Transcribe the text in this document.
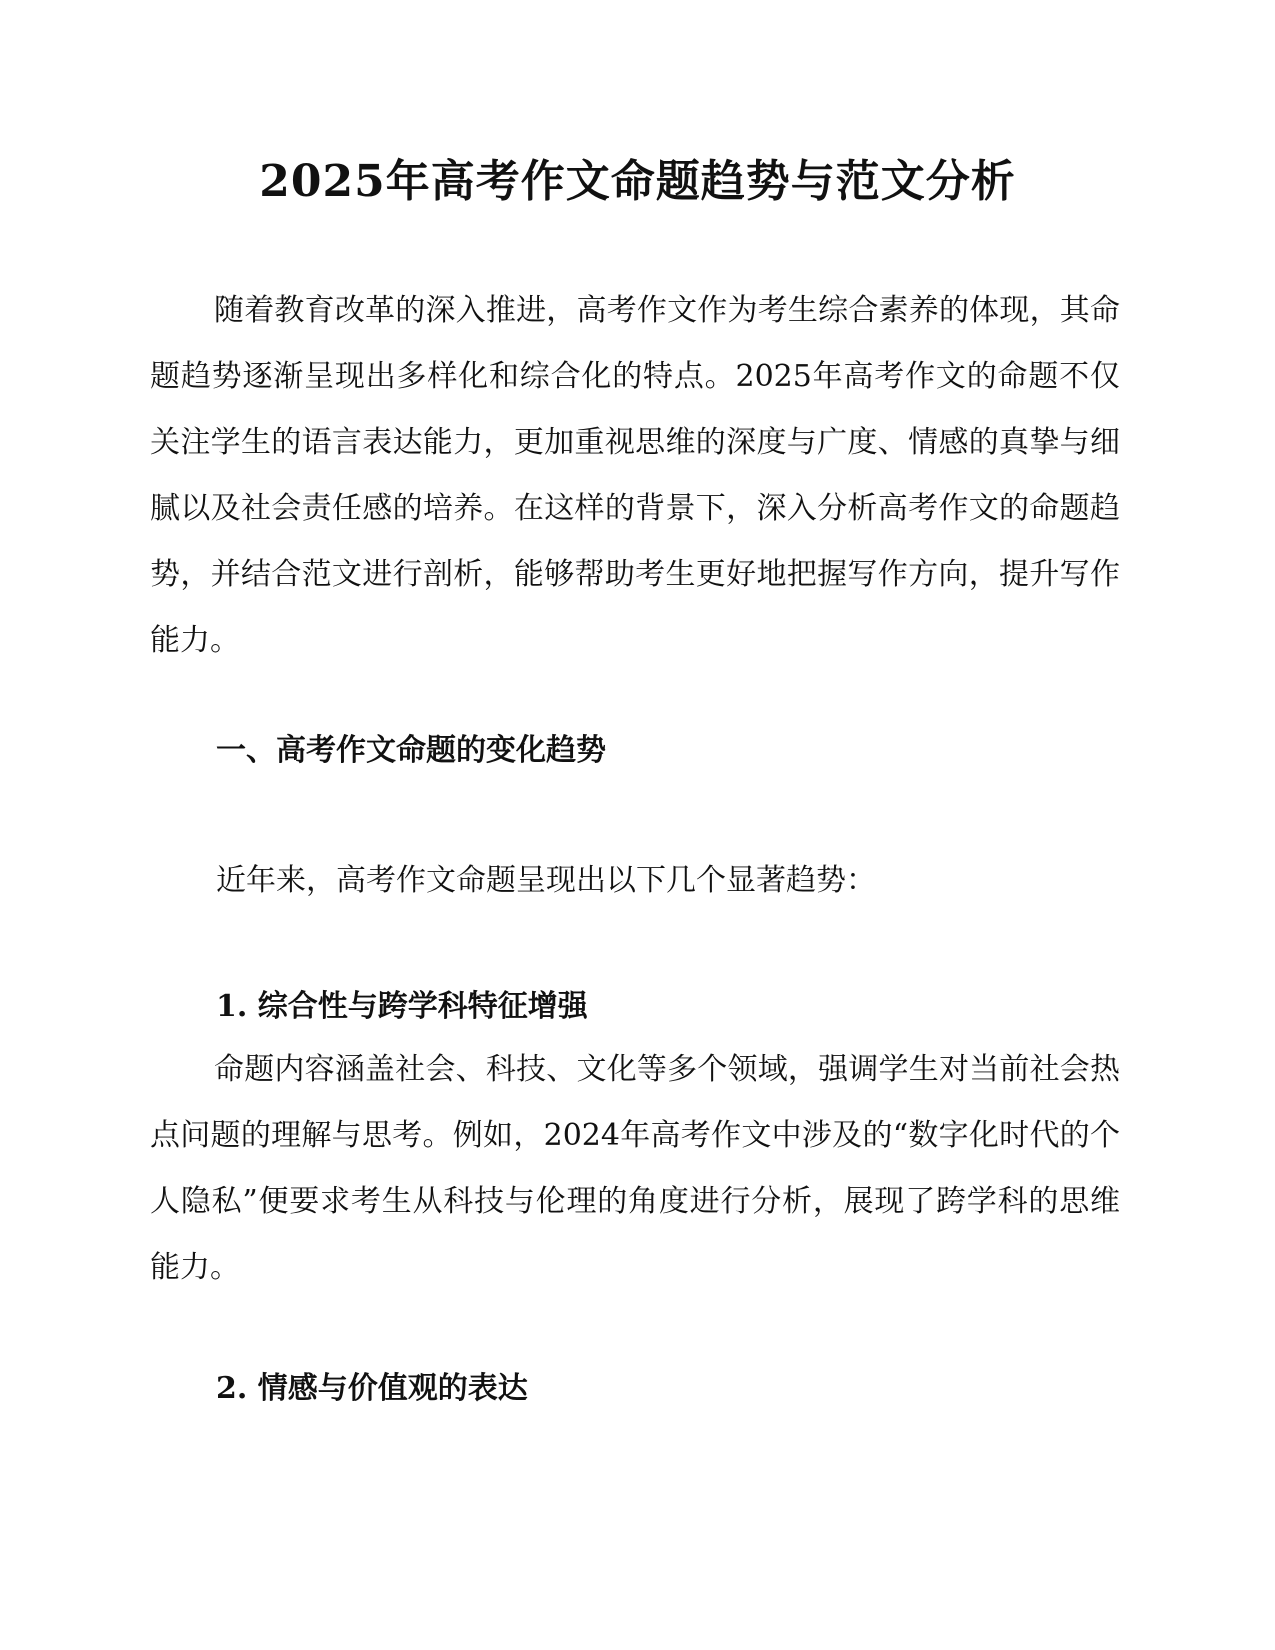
2025年高考作文命题趋势与范文分析

随着教育改革的深入推进，高考作文作为考生综合素养的体现，其命题趋势逐渐呈现出多样化和综合化的特点。2025年高考作文的命题不仅关注学生的语言表达能力，更加重视思维的深度与广度、情感的真挚与细腻以及社会责任感的培养。在这样的背景下，深入分析高考作文的命题趋势，并结合范文进行剖析，能够帮助考生更好地把握写作方向，提升写作能力。

一、高考作文命题的变化趋势

近年来，高考作文命题呈现出以下几个显著趋势：

1. 综合性与跨学科特征增强

命题内容涵盖社会、科技、文化等多个领域，强调学生对当前社会热点问题的理解与思考。例如，2024年高考作文中涉及的“数字化时代的个人隐私”便要求考生从科技与伦理的角度进行分析，展现了跨学科的思维能力。

2. 情感与价值观的表达
